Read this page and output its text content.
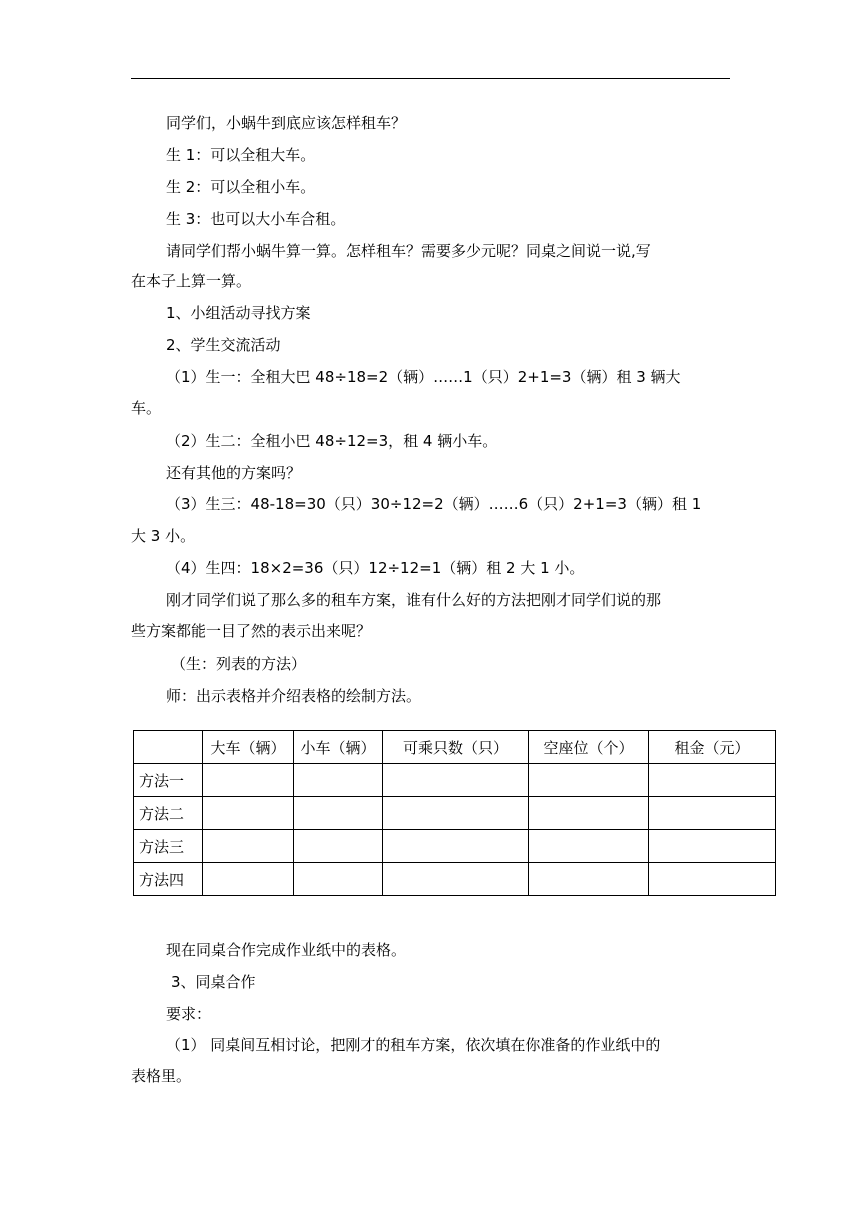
同学们，小蜗牛到底应该怎样租车？
生 1：可以全租大车。
生 2：可以全租小车。
生 3：也可以大小车合租。
请同学们帮小蜗牛算一算。怎样租车？需要多少元呢？同桌之间说一说,写
在本子上算一算。
1、小组活动寻找方案
2、学生交流活动
（1）生一：全租大巴 48÷18=2（辆）……1（只）2+1=3（辆）租 3 辆大
车。
（2）生二：全租小巴 48÷12=3，租 4 辆小车。
还有其他的方案吗？
（3）生三：48-18=30（只）30÷12=2（辆）……6（只）2+1=3（辆）租 1
大 3 小。
（4）生四：18×2=36（只）12÷12=1（辆）租 2 大 1 小。
刚才同学们说了那么多的租车方案，谁有什么好的方法把刚才同学们说的那
些方案都能一目了然的表示出来呢？
（生：列表的方法）
师：出示表格并介绍表格的绘制方法。
现在同桌合作完成作业纸中的表格。
3、同桌合作
要求：
（1） 同桌间互相讨论，把刚才的租车方案，依次填在你准备的作业纸中的
表格里。
	大车（辆）	小车（辆）	可乘只数（只）	空座位（个）	租金（元）
方法一					
方法二					
方法三					
方法四					
